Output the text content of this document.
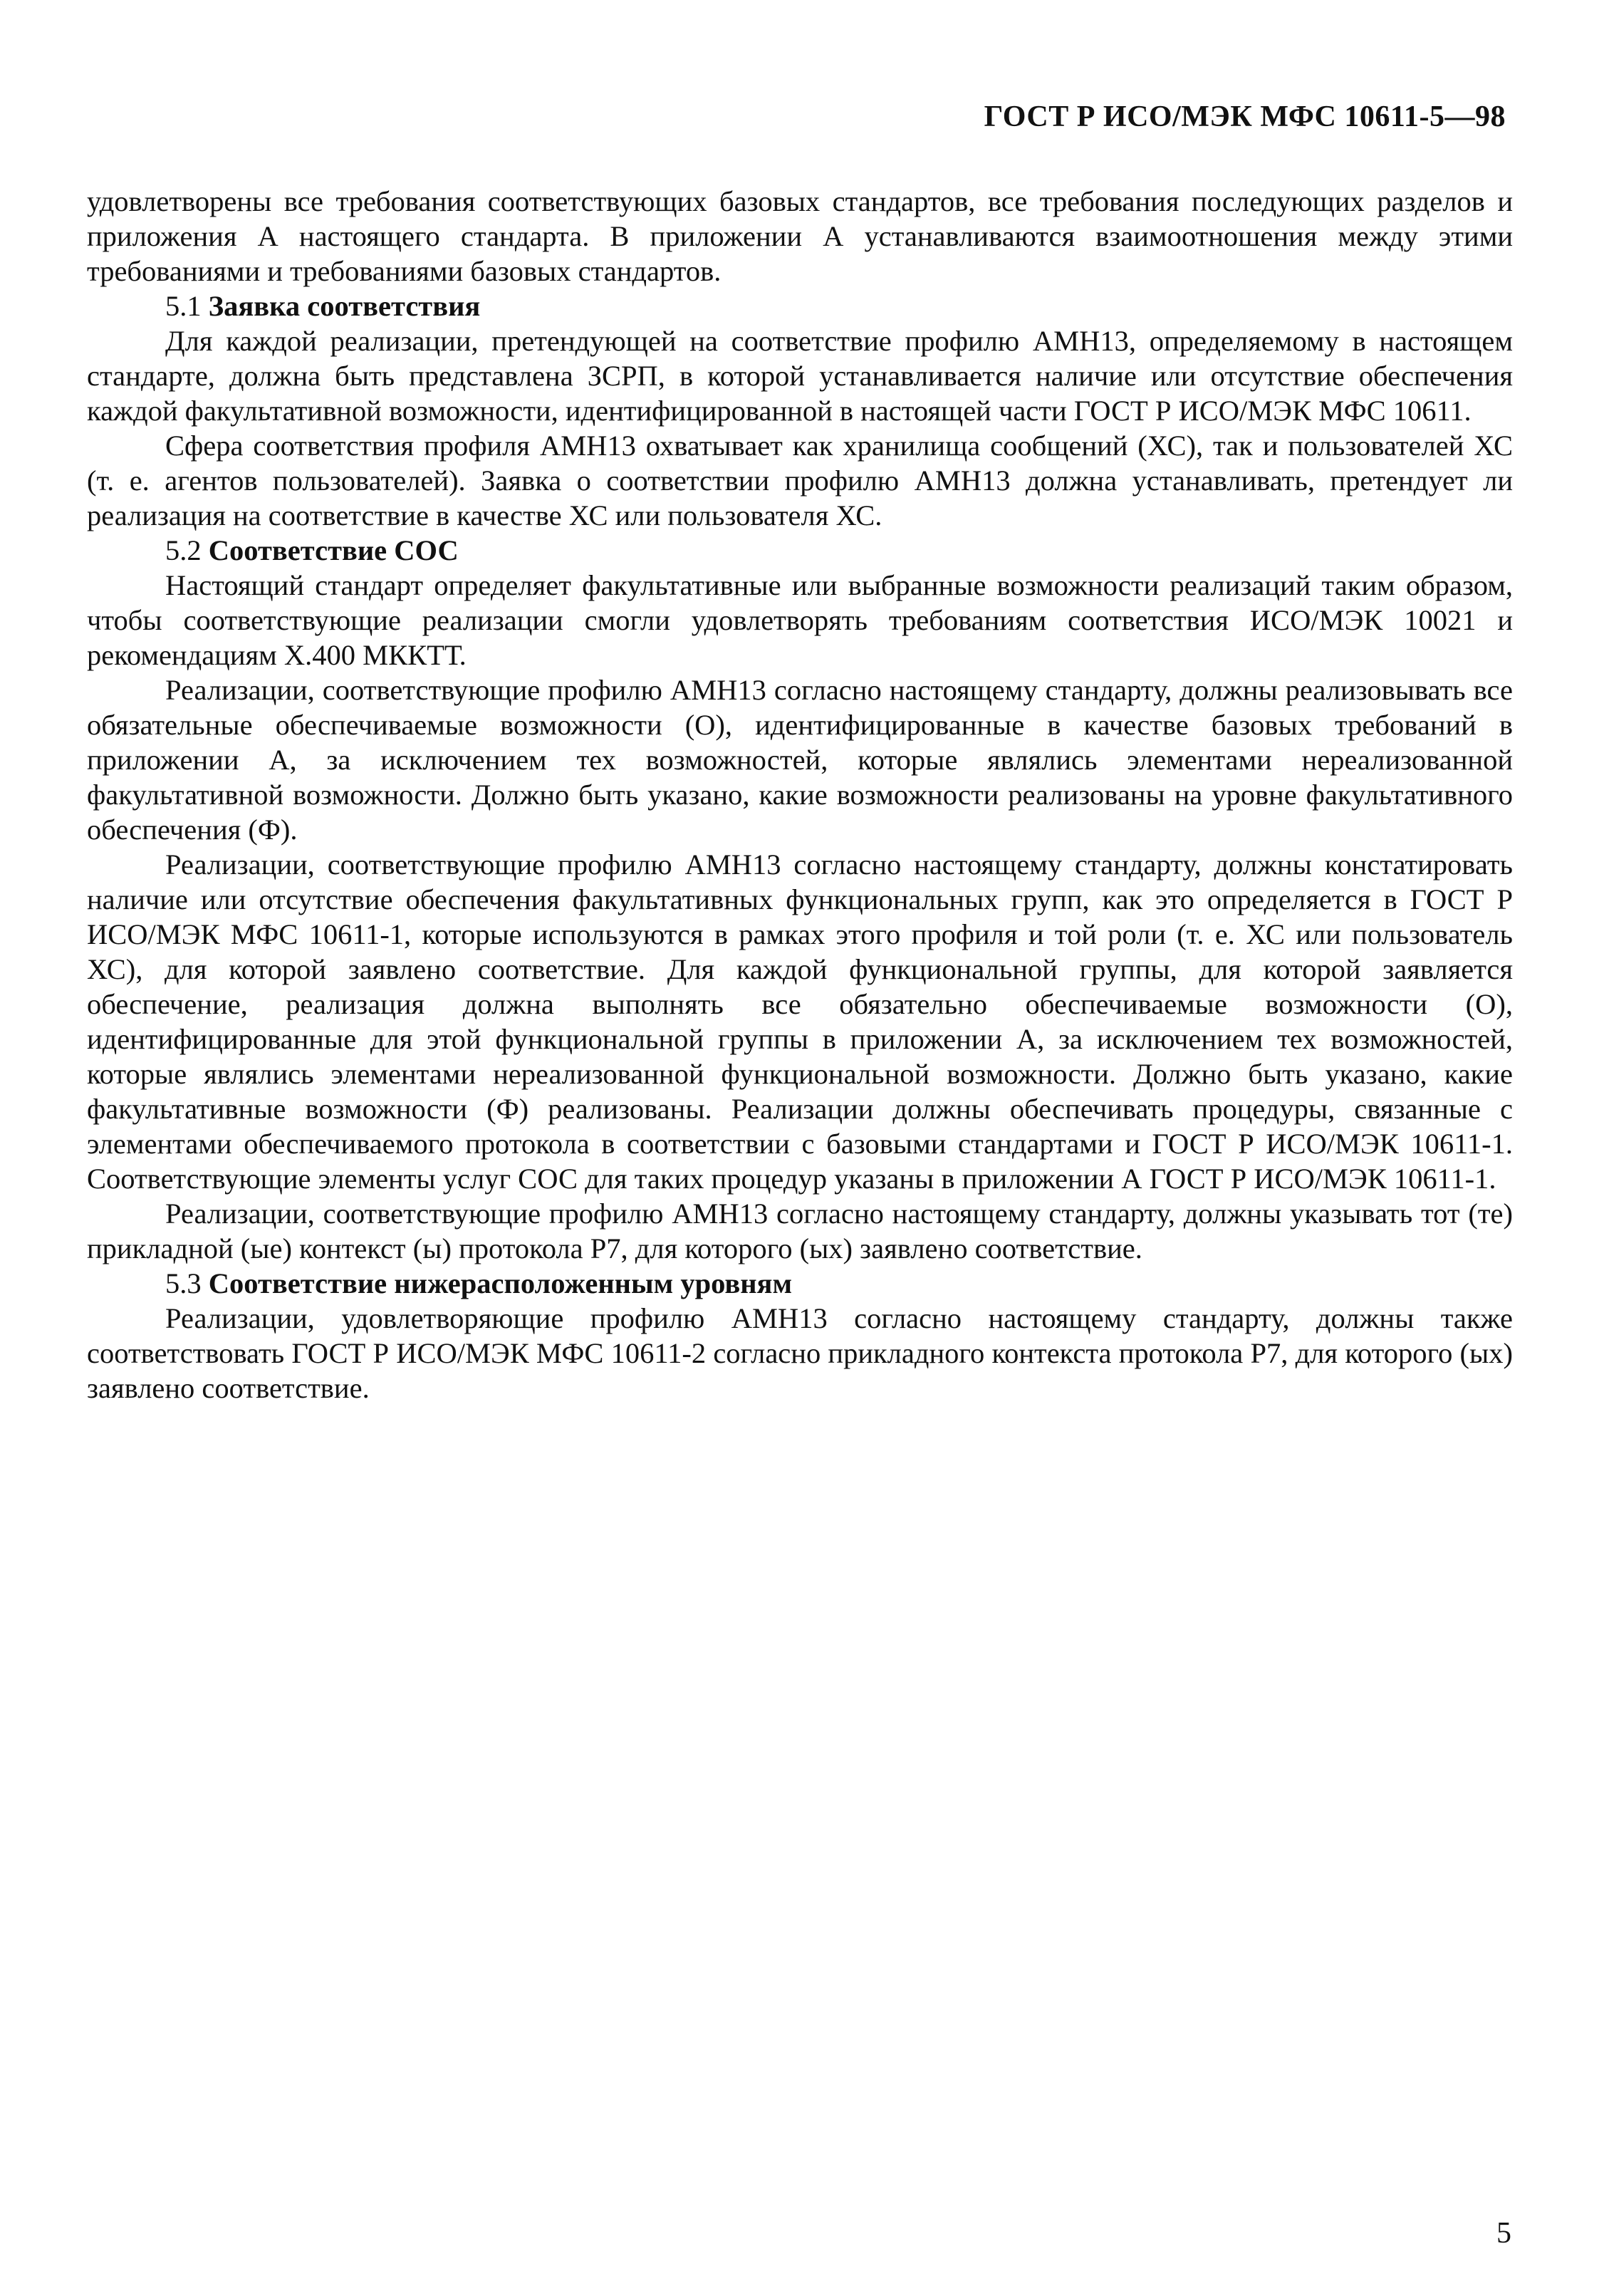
ГОСТ Р ИСО/МЭК МФС 10611-5—98

удовлетворены все требования соответствующих базовых стандартов, все требования последующих разделов и приложения А настоящего стандарта. В приложении А устанавливаются взаимоотношения между этими требованиями и требованиями базовых стандартов.

5.1 Заявка соответствия

Для каждой реализации, претендующей на соответствие профилю АМН13, определяемому в настоящем стандарте, должна быть представлена ЗСРП, в которой устанавливается наличие или отсутствие обеспечения каждой факультативной возможности, идентифицированной в настоящей части ГОСТ Р ИСО/МЭК МФС 10611.

Сфера соответствия профиля АМН13 охватывает как хранилища сообщений (ХС), так и пользователей ХС (т. е. агентов пользователей). Заявка о соответствии профилю АМН13 должна устанавливать, претендует ли реализация на соответствие в качестве ХС или пользователя ХС.

5.2 Соответствие СОС

Настоящий стандарт определяет факультативные или выбранные возможности реализаций таким образом, чтобы соответствующие реализации смогли удовлетворять требованиям соответствия ИСО/МЭК 10021 и рекомендациям Х.400 МККТТ.

Реализации, соответствующие профилю АМН13 согласно настоящему стандарту, должны реализовывать все обязательные обеспечиваемые возможности (О), идентифицированные в качестве базовых требований в приложении А, за исключением тех возможностей, которые являлись элементами нереализованной факультативной возможности. Должно быть указано, какие возможности реализованы на уровне факультативного обеспечения (Ф).

Реализации, соответствующие профилю АМН13 согласно настоящему стандарту, должны констатировать наличие или отсутствие обеспечения факультативных функциональных групп, как это определяется в ГОСТ Р ИСО/МЭК МФС 10611-1, которые используются в рамках этого профиля и той роли (т. е. ХС или пользователь ХС), для которой заявлено соответствие. Для каждой функциональной группы, для которой заявляется обеспечение, реализация должна выполнять все обязательно обеспечиваемые возможности (О), идентифицированные для этой функциональной группы в приложении А, за исключением тех возможностей, которые являлись элементами нереализованной функциональной возможности. Должно быть указано, какие факультативные возможности (Ф) реализованы. Реализации должны обеспечивать процедуры, связанные с элементами обеспечиваемого протокола в соответствии с базовыми стандартами и ГОСТ Р ИСО/МЭК 10611-1. Соответствующие элементы услуг СОС для таких процедур указаны в приложении А ГОСТ Р ИСО/МЭК 10611-1.

Реализации, соответствующие профилю АМН13 согласно настоящему стандарту, должны указывать тот (те) прикладной (ые) контекст (ы) протокола Р7, для которого (ых) заявлено соответствие.

5.3 Соответствие нижерасположенным уровням

Реализации, удовлетворяющие профилю АМН13 согласно настоящему стандарту, должны также соответствовать ГОСТ Р ИСО/МЭК МФС 10611-2 согласно прикладного контекста протокола Р7, для которого (ых) заявлено соответствие.

5
